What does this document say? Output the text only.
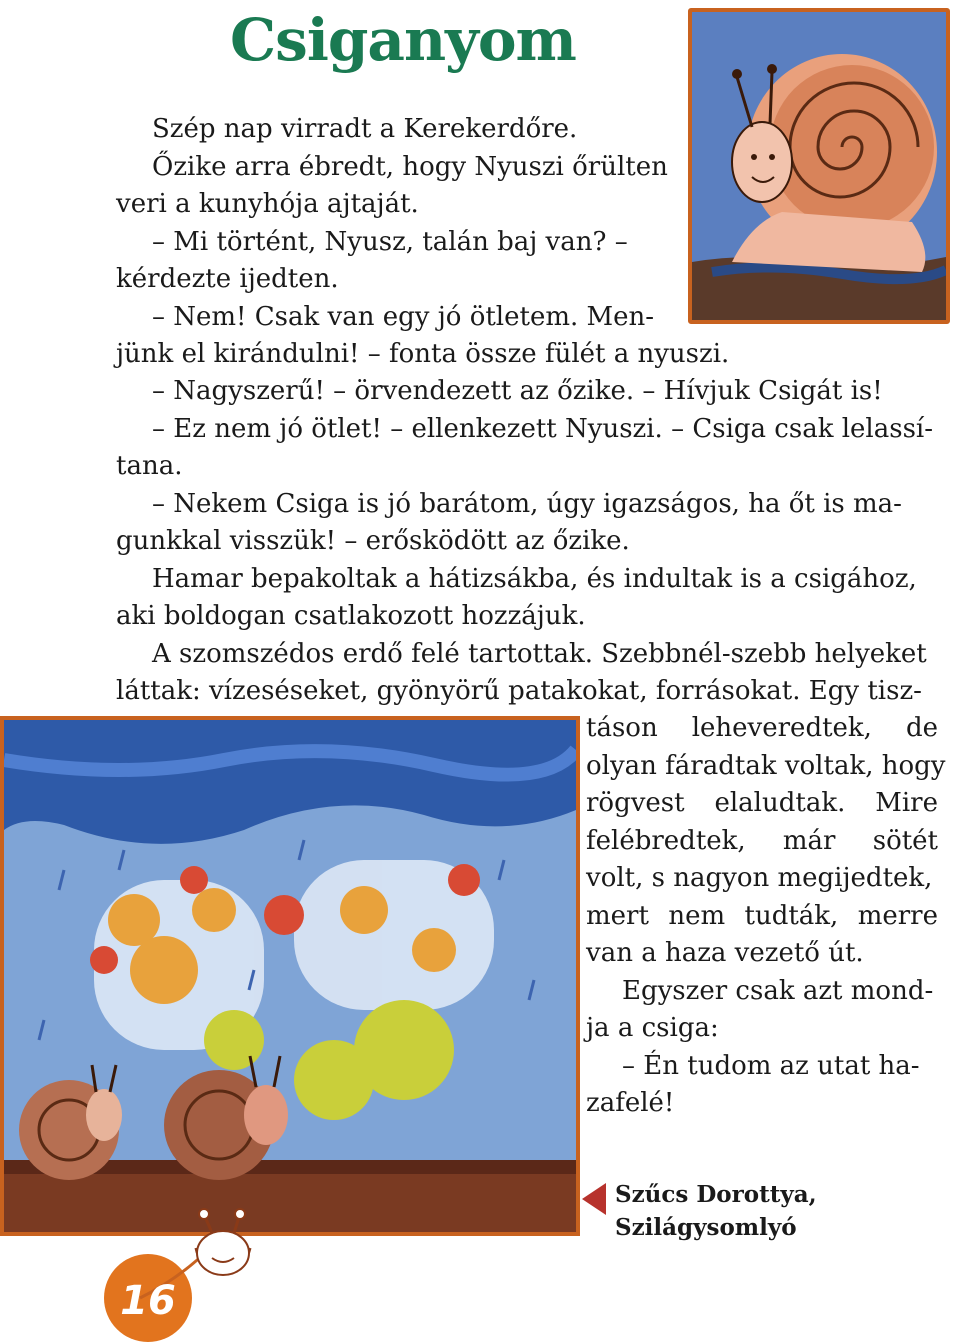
Csiganyom

Szép nap virradt a Kerekerdőre.

Őzike arra ébredt, hogy Nyuszi őrülten

veri a kunyhója ajtaját.

– Mi történt, Nyusz, talán baj van? –

kérdezte ijedten.

– Nem! Csak van egy jó ötletem. Men-

jünk el kirándulni! – fonta össze fülét a nyuszi.

– Nagyszerű! – örvendezett az őzike. – Hívjuk Csigát is!

– Ez nem jó ötlet! – ellenkezett Nyuszi. – Csiga csak lelassí-

tana.

– Nekem Csiga is jó barátom, úgy igazságos, ha őt is ma-

gunkkal visszük! – erősködött az őzike.

Hamar bepakoltak a hátizsákba, és indultak is a csigához,

aki boldogan csatlakozott hozzájuk.

A szomszédos erdő felé tartottak. Szebbnél-szebb helyeket

láttak: vízeséseket, gyönyörű patakokat, forrásokat. Egy tisz-

táson leheveredtek, de

olyan fáradtak voltak, hogy

rögvest elaludtak. Mire

felébredtek, már sötét

volt, s nagyon megijedtek,

mert nem tudták, merre

van a haza vezető út.

Egyszer csak azt mond-

ja a csiga:

– Én tudom az utat ha-

zafelé!

Szűcs Dorottya,
Szilágysomlyó
16
